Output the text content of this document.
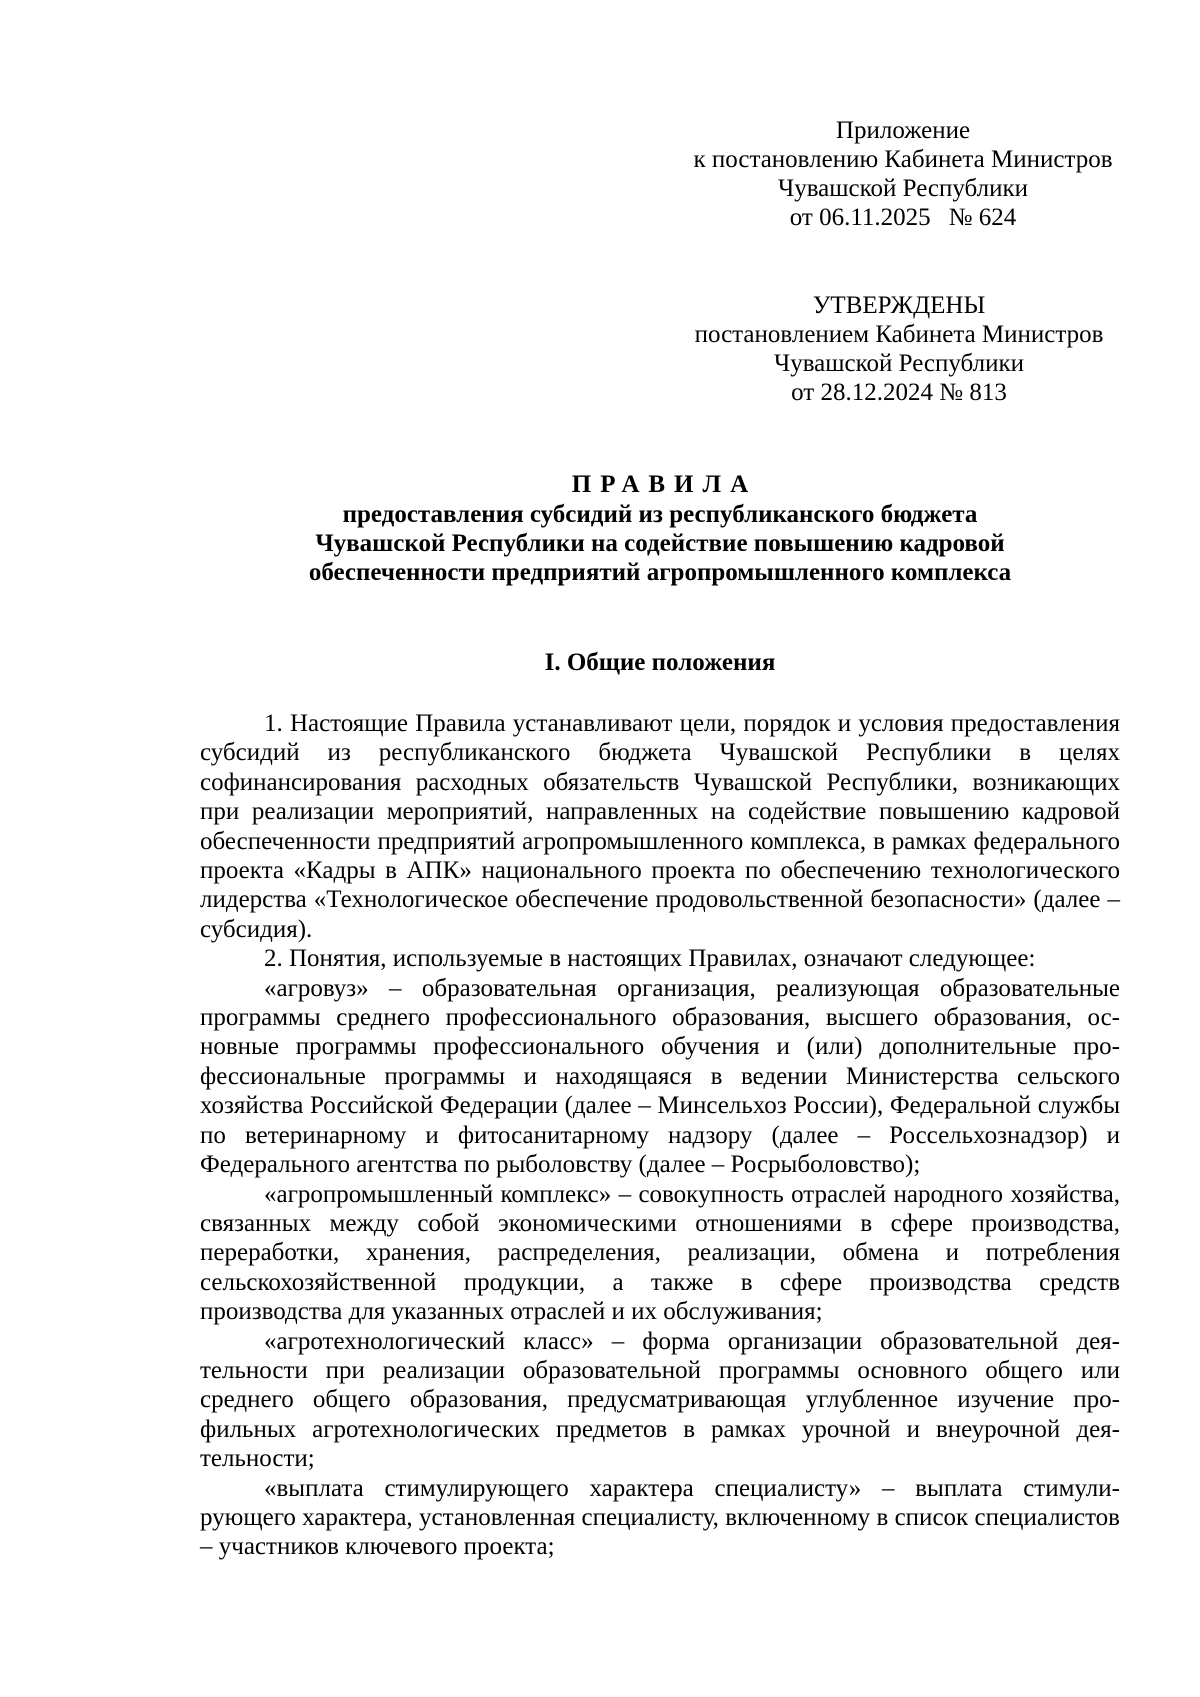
Приложение
к постановлению Кабинета Министров
Чувашской Республики
от 06.11.2025 № 624
УТВЕРЖДЕНЫ
постановлением Кабинета Министров
Чувашской Республики
от 28.12.2024 № 813
ПРАВИЛА
предоставления субсидий из республиканского бюджета
Чувашской Республики на содействие повышению кадровой
обеспеченности предприятий агропромышленного комплекса
I. Общие положения

1. Настоящие Правила устанавливают цели, порядок и условия предоставления субсидий из республиканского бюджета Чувашской Республики в целях софинансирования расходных обязательств Чувашской Республики, возникающих при реализации мероприятий, направленных на содействие повышению кадровой обеспеченности предприятий агропромышленного комплекса, в рамках федерального проекта «Кадры в АПК» национального проекта по обеспечению технологического лидерства «Технологическое обеспечение продовольственной безопасности» (далее – субсидия).

2. Понятия, используемые в настоящих Правилах, означают следующее:

«агровуз» – образовательная организация, реализующая образовательные программы среднего профессионального образования, высшего образования, основные программы профессионального обучения и (или) дополнительные профессиональные программы и находящаяся в ведении Министерства сельского хозяйства Российской Федерации (далее – Минсельхоз России), Федеральной службы по ветеринарному и фитосанитарному надзору (далее – Россельхознадзор) и Федерального агентства по рыболовству (далее – Росрыболовство);

«агропромышленный комплекс» – совокупность отраслей народного хозяйства, связанных между собой экономическими отношениями в сфере производства, переработки, хранения, распределения, реализации, обмена и потребления сельскохозяйственной продукции, а также в сфере производства средств производства для указанных отраслей и их обслуживания;

«агротехнологический класс» – форма организации образовательной деятельности при реализации образовательной программы основного общего или среднего общего образования, предусматривающая углубленное изучение профильных агротехнологических предметов в рамках урочной и внеурочной деятельности;

«выплата стимулирующего характера специалисту» – выплата стимулирующего характера, установленная специалисту, включенному в список специалистов – участников ключевого проекта;
